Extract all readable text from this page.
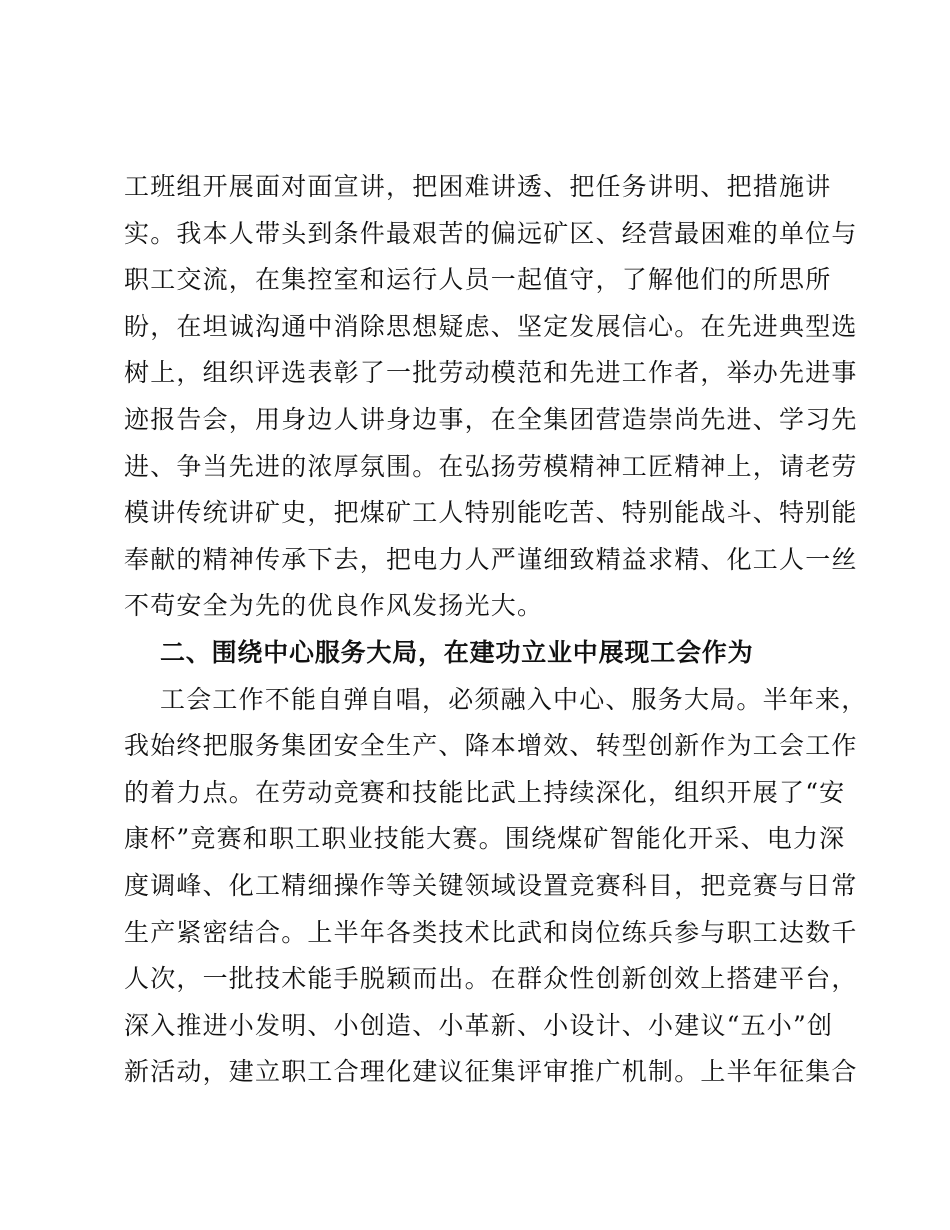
工班组开展面对面宣讲，把困难讲透、把任务讲明、把措施讲
实。我本人带头到条件最艰苦的偏远矿区、经营最困难的单位与
职工交流，在集控室和运行人员一起值守，了解他们的所思所
盼，在坦诚沟通中消除思想疑虑、坚定发展信心。在先进典型选
树上，组织评选表彰了一批劳动模范和先进工作者，举办先进事
迹报告会，用身边人讲身边事，在全集团营造崇尚先进、学习先
进、争当先进的浓厚氛围。在弘扬劳模精神工匠精神上，请老劳
模讲传统讲矿史，把煤矿工人特别能吃苦、特别能战斗、特别能
奉献的精神传承下去，把电力人严谨细致精益求精、化工人一丝
不苟安全为先的优良作风发扬光大。
二、围绕中心服务大局，在建功立业中展现工会作为
工会工作不能自弹自唱，必须融入中心、服务大局。半年来，
我始终把服务集团安全生产、降本增效、转型创新作为工会工作
的着力点。在劳动竞赛和技能比武上持续深化，组织开展了“安
康杯”竞赛和职工职业技能大赛。围绕煤矿智能化开采、电力深
度调峰、化工精细操作等关键领域设置竞赛科目，把竞赛与日常
生产紧密结合。上半年各类技术比武和岗位练兵参与职工达数千
人次，一批技术能手脱颖而出。在群众性创新创效上搭建平台，
深入推进小发明、小创造、小革新、小设计、小建议“五小”创
新活动，建立职工合理化建议征集评审推广机制。上半年征集合
